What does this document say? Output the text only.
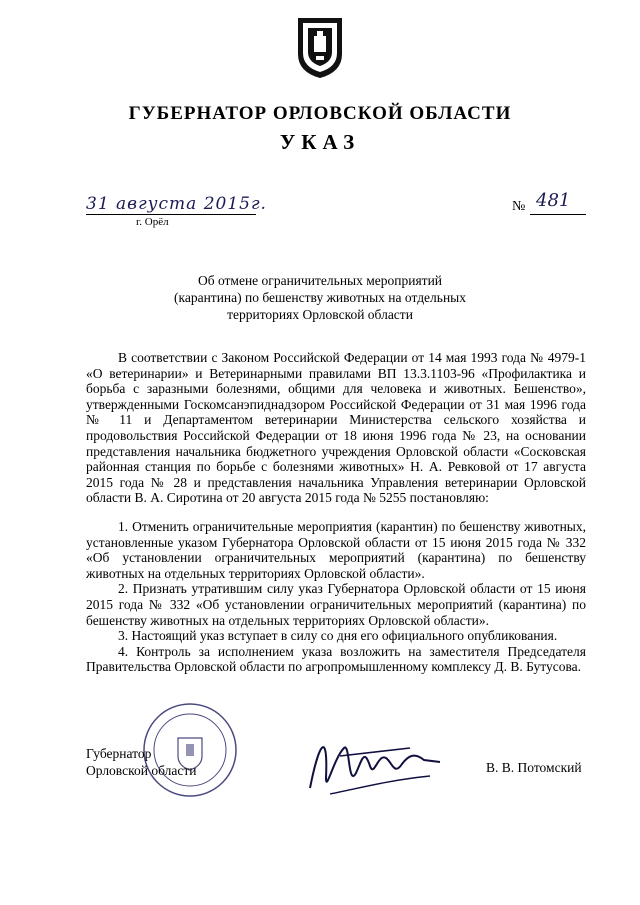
ГУБЕРНАТОР ОРЛОВСКОЙ ОБЛАСТИ
УКАЗ
31 августа 2015г.
г. Орёл
№ 481
Об отмене ограничительных мероприятий (карантина) по бешенству животных на отдельных территориях Орловской области

В соответствии с Законом Российской Федерации от 14 мая 1993 года № 4979-1 «О ветеринарии» и Ветеринарными правилами ВП 13.3.1103-96 «Профилактика и борьба с заразными болезнями, общими для человека и животных. Бешенство», утвержденными Госкомсанэпиднадзором Российской Федерации от 31 мая 1996 года № 11 и Департаментом ветеринарии Министерства сельского хозяйства и продовольствия Российской Федерации от 18 июня 1996 года № 23, на основании представления начальника бюджетного учреждения Орловской области «Сосковская районная станция по борьбе с болезнями животных» Н. А. Ревковой от 17 августа 2015 года № 28 и представления начальника Управления ветеринарии Орловской области В. А. Сиротина от 20 августа 2015 года № 5255 постановляю:

1. Отменить ограничительные мероприятия (карантин) по бешенству животных, установленные указом Губернатора Орловской области от 15 июня 2015 года № 332 «Об установлении ограничительных мероприятий (карантина) по бешенству животных на отдельных территориях Орловской области».

2. Признать утратившим силу указ Губернатора Орловской области от 15 июня 2015 года № 332 «Об установлении ограничительных мероприятий (карантина) по бешенству животных на отдельных территориях Орловской области».

3. Настоящий указ вступает в силу со дня его официального опубликования.

4. Контроль за исполнением указа возложить на заместителя Председателя Правительства Орловской области по агропромышленному комплексу Д. В. Бутусова.

Губернатор
Орловской области	В. В. Потомский
